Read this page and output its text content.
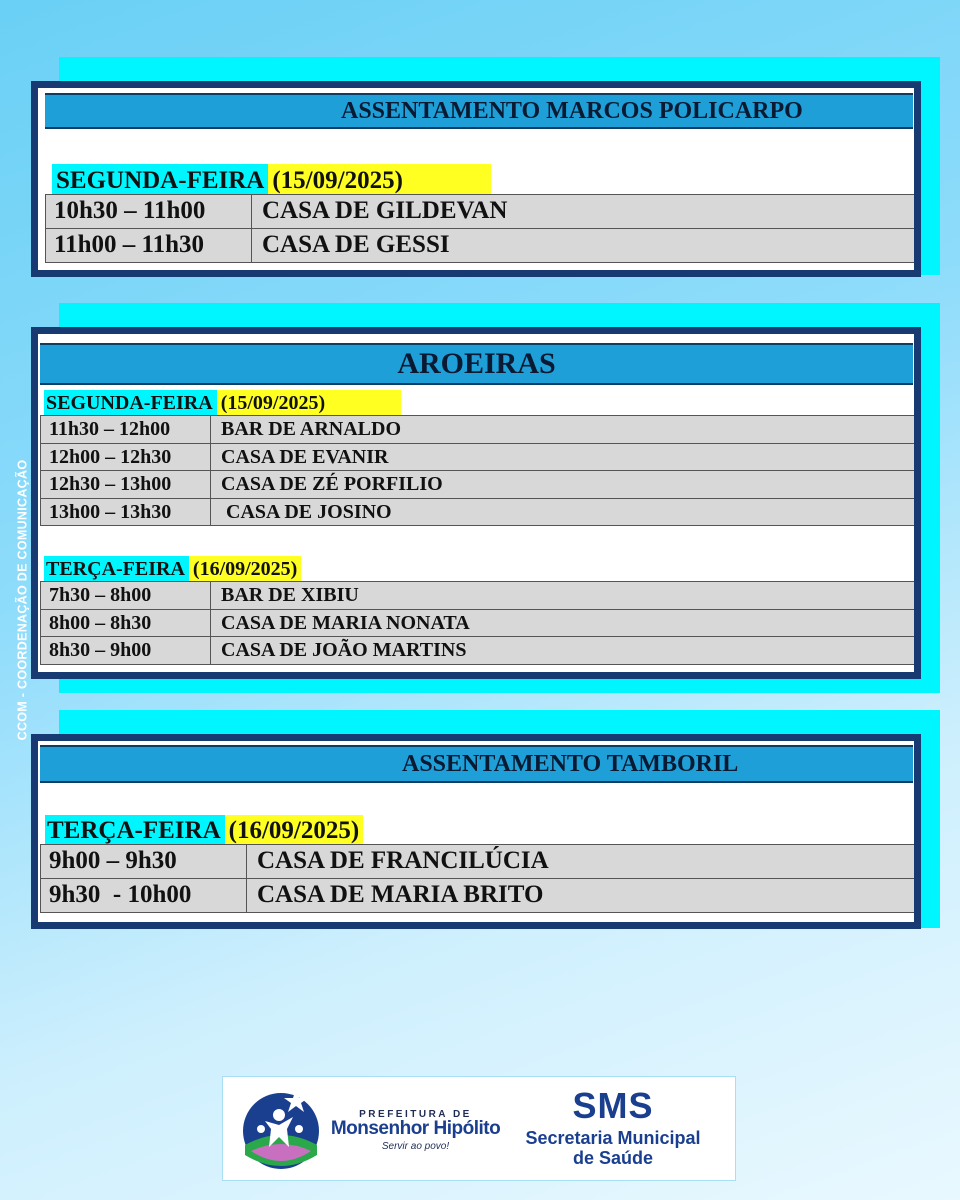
CCOM - COORDENAÇÃO DE COMUNICAÇÃO
ASSENTAMENTO MARCOS POLICARPO
SEGUNDA-FEIRA (15/09/2025)
10h30 – 11h00	CASA DE GILDEVAN
11h00 – 11h30	CASA DE GESSI
AROEIRAS
SEGUNDA-FEIRA (15/09/2025)
11h30 – 12h00	BAR DE ARNALDO
12h00 – 12h30	CASA DE EVANIR
12h30 – 13h00	CASA DE ZÉ PORFILIO
13h00 – 13h30	CASA DE JOSINO
TERÇA-FEIRA (16/09/2025)
7h30 – 8h00	BAR DE XIBIU
8h00 – 8h30	CASA DE MARIA NONATA
8h30 – 9h00	CASA DE JOÃO MARTINS
ASSENTAMENTO TAMBORIL
TERÇA-FEIRA (16/09/2025)
9h00 – 9h30	CASA DE FRANCILÚCIA
9h30  - 10h00	CASA DE MARIA BRITO
PREFEITURA DE
Monsenhor Hipólito
Servir ao povo!
SMS
Secretaria Municipal
de Saúde
